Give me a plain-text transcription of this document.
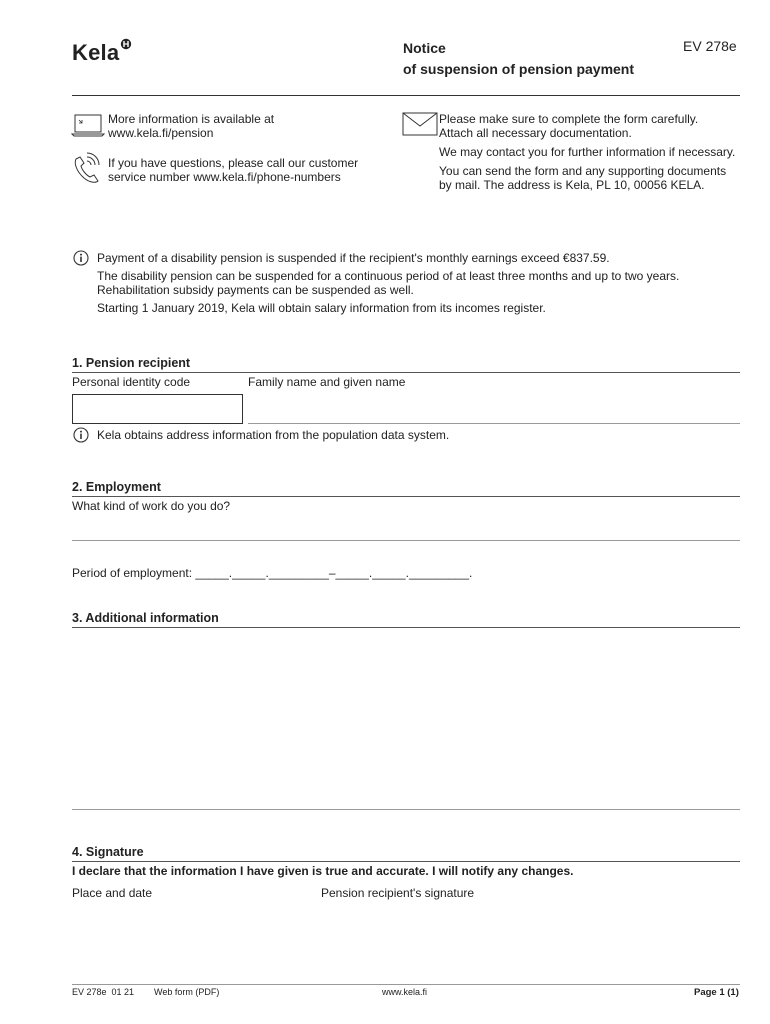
Kela	Notice
of suspension of pension payment
EV 278e
More information is available at
www.kela.fi/pension
If you have questions, please call our customer
service number www.kela.fi/phone-numbers
Please make sure to complete the form carefully.
Attach all necessary documentation.
We may contact you for further information if necessary.
You can send the form and any supporting documents
by mail. The address is Kela, PL 10, 00056 KELA.
Payment of a disability pension is suspended if the recipient's monthly earnings exceed €837.59.
The disability pension can be suspended for a continuous period of at least three months and up to two years.
Rehabilitation subsidy payments can be suspended as well.
Starting 1 January 2019, Kela will obtain salary information from its incomes register.
1. Pension recipient
Personal identity code	Family name and given name
Kela obtains address information from the population data system.
2. Employment
What kind of work do you do?
Period of employment: _____._____._________–_____._____._________.
3. Additional information
4. Signature
I declare that the information I have given is true and accurate. I will notify any changes.
Place and date	Pension recipient's signature
EV 278e  01 21 Web form (PDF)	www.kela.fi	Page 1 (1)
